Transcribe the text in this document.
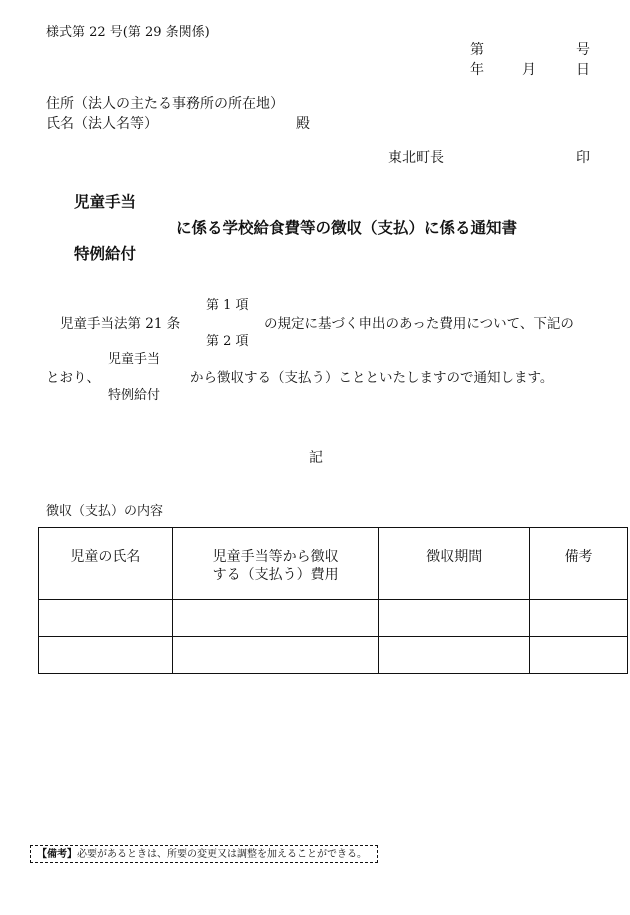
様式第 22 号(第 29 条関係)
第	号
年	月	日
住所（法人の主たる事務所の所在地）
氏名（法人名等）	殿
東北町長	印
児童手当
に係る学校給食費等の徴収（支払）に係る通知書
特例給付
第 1 項
児童手当法第 21 条	の規定に基づく申出のあった費用について、下記の
第 2 項
児童手当
とおり、	から徴収する（支払う）ことといたしますので通知します。
特例給付
記
徴収（支払）の内容
児童の氏名	児童手当等から徴収
する（支払う）費用	徴収期間	備考

【備考】必要があるときは、所要の変更又は調整を加えることができる。
